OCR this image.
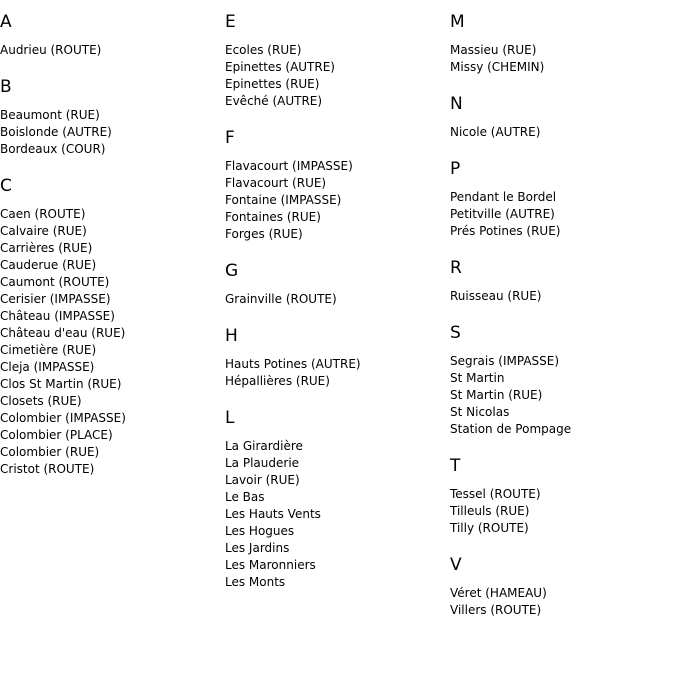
A
Audrieu (ROUTE)
B
Beaumont (RUE)
Boislonde (AUTRE)
Bordeaux (COUR)
C
Caen (ROUTE)
Calvaire (RUE)
Carrières (RUE)
Cauderue (RUE)
Caumont (ROUTE)
Cerisier (IMPASSE)
Château (IMPASSE)
Château d'eau (RUE)
Cimetière (RUE)
Cleja (IMPASSE)
Clos St Martin (RUE)
Closets (RUE)
Colombier (IMPASSE)
Colombier (PLACE)
Colombier (RUE)
Cristot (ROUTE)
E
Ecoles (RUE)
Epinettes (AUTRE)
Epinettes (RUE)
Evêché (AUTRE)
F
Flavacourt (IMPASSE)
Flavacourt (RUE)
Fontaine (IMPASSE)
Fontaines (RUE)
Forges (RUE)
G
Grainville (ROUTE)
H
Hauts Potines (AUTRE)
Hépallières (RUE)
L
La Girardière
La Plauderie
Lavoir (RUE)
Le Bas
Les Hauts Vents
Les Hogues
Les Jardins
Les Maronniers
Les Monts
M
Massieu (RUE)
Missy (CHEMIN)
N
Nicole (AUTRE)
P
Pendant le Bordel
Petitville (AUTRE)
Prés Potines (RUE)
R
Ruisseau (RUE)
S
Segrais (IMPASSE)
St Martin
St Martin (RUE)
St Nicolas
Station de Pompage
T
Tessel (ROUTE)
Tilleuls (RUE)
Tilly (ROUTE)
V
Véret (HAMEAU)
Villers (ROUTE)
